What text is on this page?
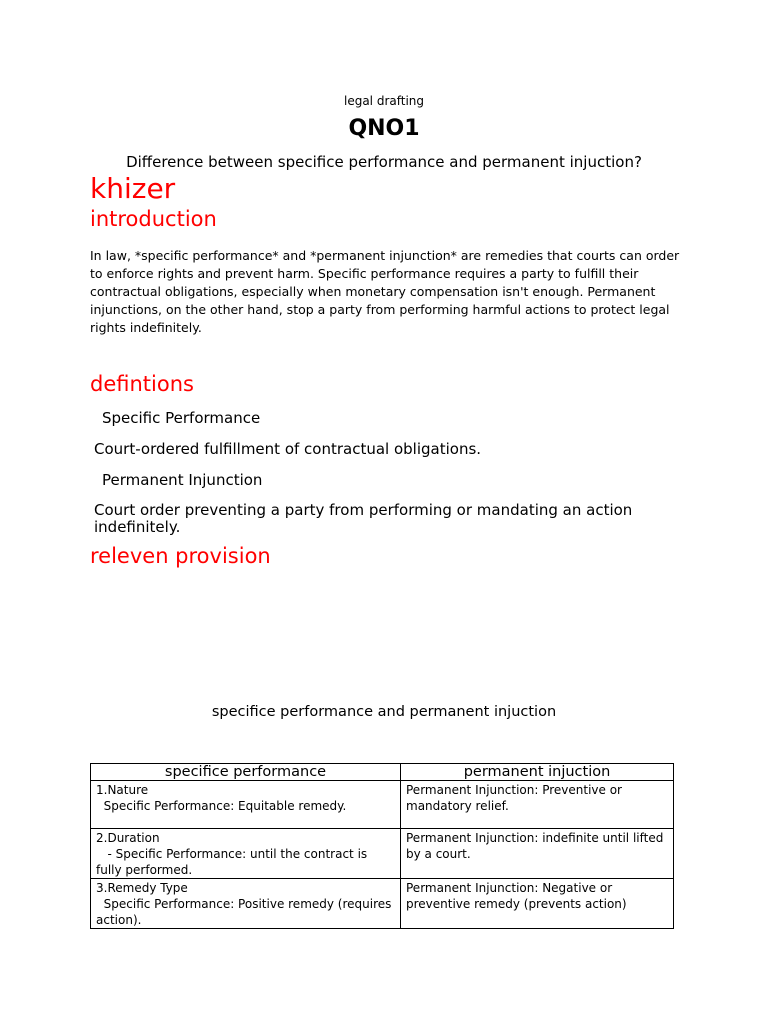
legal drafting
QNO1
Difference between specifice performance and permanent injuction?
khizer
introduction
In law, *specific performance* and *permanent injunction* are remedies that courts can order to enforce rights and prevent harm. Specific performance requires a party to fulfill their contractual obligations, especially when monetary compensation isn't enough. Permanent injunctions, on the other hand, stop a party from performing harmful actions to protect legal rights indefinitely.
defintions
Specific Performance
Court-ordered fulfillment of contractual obligations.
Permanent Injunction
Court order preventing a party from performing or mandating an action indefinitely.
releven provision
specifice performance and permanent injuction
specifice performance	permanent injuction

1.Nature
Specific Performance: Equitable remedy.	Permanent Injunction: Preventive or mandatory relief.

2.Duration
- Specific Performance: until the contract is fully performed.	Permanent Injunction: indefinite until lifted by a court.

3.Remedy Type
Specific Performance: Positive remedy (requires action).	Permanent Injunction: Negative or preventive remedy (prevents action)
